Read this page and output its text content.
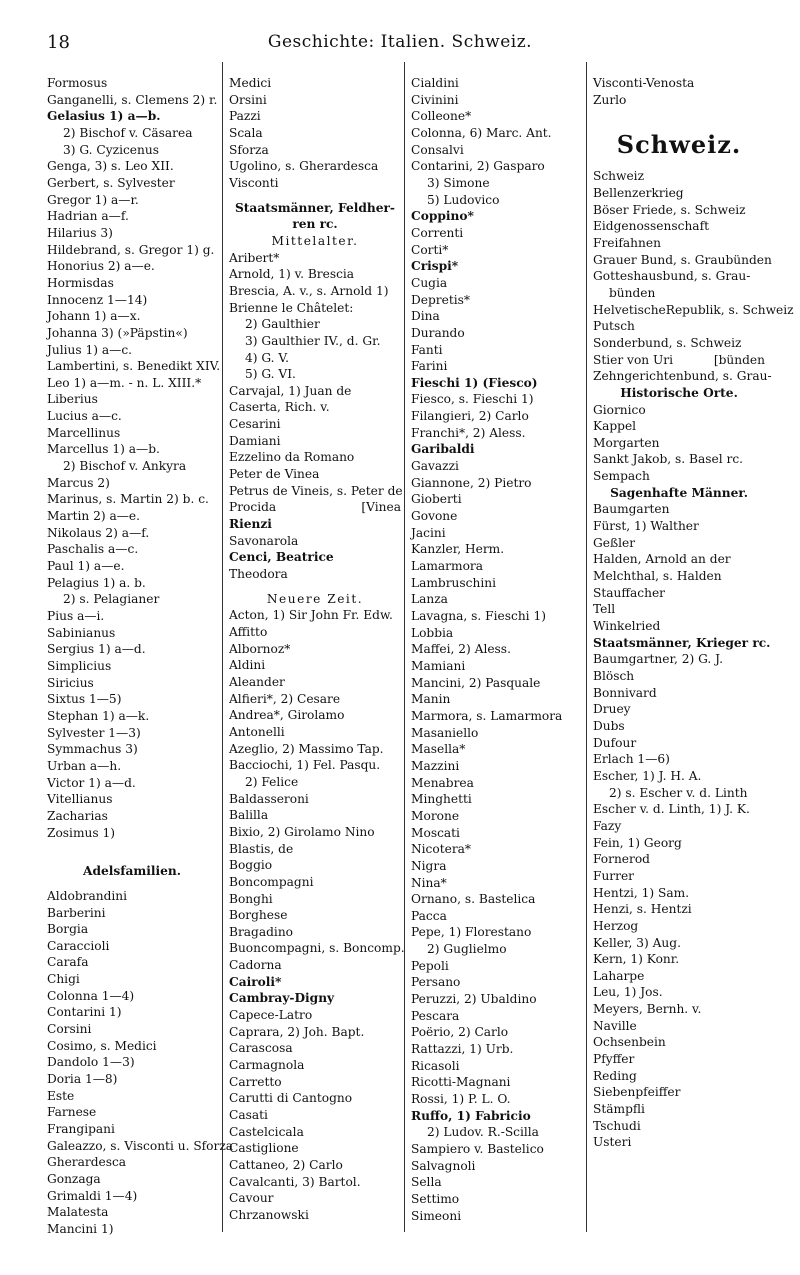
18	Geschichte: Italien. Schweiz.
Formosus
Ganganelli, s. Clemens 2) r.
Gelasius 1) a—b.
2) Bischof v. Cäsarea
3) G. Cyzicenus
Genga, 3) s. Leo XII.
Gerbert, s. Sylvester
Gregor 1) a—r.
Hadrian a—f.
Hilarius 3)
Hildebrand, s. Gregor 1) g.
Honorius 2) a—e.
Hormisdas
Innocenz 1—14)
Johann 1) a—x.
Johanna 3) (»Päpstin«)
Julius 1) a—c.
Lambertini, s. Benedikt XIV.
Leo 1) a—m. - n. L. XIII.*
Liberius
Lucius a—c.
Marcellinus
Marcellus 1) a—b.
2) Bischof v. Ankyra
Marcus 2)
Marinus, s. Martin 2) b. c.
Martin 2) a—e.
Nikolaus 2) a—f.
Paschalis a—c.
Paul 1) a—e.
Pelagius 1) a. b.
2) s. Pelagianer
Pius a—i.
Sabinianus
Sergius 1) a—d.
Simplicius
Siricius
Sixtus 1—5)
Stephan 1) a—k.
Sylvester 1—3)
Symmachus 3)
Urban a—h.
Victor 1) a—d.
Vitellianus
Zacharias
Zosimus 1)
Adelsfamilien.
Aldobrandini
Barberini
Borgia
Caraccioli
Carafa
Chigi
Colonna 1—4)
Contarini 1)
Corsini
Cosimo, s. Medici
Dandolo 1—3)
Doria 1—8)
Este
Farnese
Frangipani
Galeazzo, s. Visconti u. Sforza
Gherardesca
Gonzaga
Grimaldi 1—4)
Malatesta
Mancini 1)
Medici
Orsini
Pazzi
Scala
Sforza
Ugolino, s. Gherardesca
Visconti
Staatsmänner, Feldher-
ren rc.
Mittelalter.
Aribert*
Arnold, 1) v. Brescia
Brescia, A. v., s. Arnold 1)
Brienne le Châtelet:
2) Gaulthier
3) Gaulthier IV., d. Gr.
4) G. V.
5) G. VI.
Carvajal, 1) Juan de
Caserta, Rich. v.
Cesarini
Damiani
Ezzelino da Romano
Peter de Vinea
Petrus de Vineis, s. Peter de
Procida	[Vinea
Rienzi
Savonarola
Cenci, Beatrice
Theodora
Neuere Zeit.
Acton, 1) Sir John Fr. Edw.
Affitto
Albornoz*
Aldini
Aleander
Alfieri*, 2) Cesare
Andrea*, Girolamo
Antonelli
Azeglio, 2) Massimo Tap.
Bacciochi, 1) Fel. Pasqu.
2) Felice
Baldasseroni
Balilla
Bixio, 2) Girolamo Nino
Blastis, de
Boggio
Boncompagni
Bonghi
Borghese
Bragadino
Buoncompagni, s. Boncomp.
Cadorna
Cairoli*
Cambray-Digny
Capece-Latro
Caprara, 2) Joh. Bapt.
Carascosa
Carmagnola
Carretto
Carutti di Cantogno
Casati
Castelcicala
Castiglione
Cattaneo, 2) Carlo
Cavalcanti, 3) Bartol.
Cavour
Chrzanowski
Cialdini
Civinini
Colleone*
Colonna, 6) Marc. Ant.
Consalvi
Contarini, 2) Gasparo
3) Simone
5) Ludovico
Coppino*
Correnti
Corti*
Crispi*
Cugia
Depretis*
Dina
Durando
Fanti
Farini
Fieschi 1) (Fiesco)
Fiesco, s. Fieschi 1)
Filangieri, 2) Carlo
Franchi*, 2) Aless.
Garibaldi
Gavazzi
Giannone, 2) Pietro
Gioberti
Govone
Jacini
Kanzler, Herm.
Lamarmora
Lambruschini
Lanza
Lavagna, s. Fieschi 1)
Lobbia
Maffei, 2) Aless.
Mamiani
Mancini, 2) Pasquale
Manin
Marmora, s. Lamarmora
Masaniello
Masella*
Mazzini
Menabrea
Minghetti
Morone
Moscati
Nicotera*
Nigra
Nina*
Ornano, s. Bastelica
Pacca
Pepe, 1) Florestano
2) Guglielmo
Pepoli
Persano
Peruzzi, 2) Ubaldino
Pescara
Poërio, 2) Carlo
Rattazzi, 1) Urb.
Ricasoli
Ricotti-Magnani
Rossi, 1) P. L. O.
Ruffo, 1) Fabricio
2) Ludov. R.-Scilla
Sampiero v. Bastelico
Salvagnoli
Sella
Settimo
Simeoni
Visconti-Venosta
Zurlo
Schweiz.
Schweiz
Bellenzerkrieg
Böser Friede, s. Schweiz
Eidgenossenschaft
Freifahnen
Grauer Bund, s. Graubünden
Gotteshausbund, s. Grau-
bünden
HelvetischeRepublik, s. Schweiz
Putsch
Sonderbund, s. Schweiz
Stier von Uri	[bünden
Zehngerichtenbund, s. Grau-
Historische Orte.
Giornico
Kappel
Morgarten
Sankt Jakob, s. Basel rc.
Sempach
Sagenhafte Männer.
Baumgarten
Fürst, 1) Walther
Geßler
Halden, Arnold an der
Melchthal, s. Halden
Stauffacher
Tell
Winkelried
Staatsmänner, Krieger rc.
Baumgartner, 2) G. J.
Blösch
Bonnivard
Druey
Dubs
Dufour
Erlach 1—6)
Escher, 1) J. H. A.
2) s. Escher v. d. Linth
Escher v. d. Linth, 1) J. K.
Fazy
Fein, 1) Georg
Fornerod
Furrer
Hentzi, 1) Sam.
Henzi, s. Hentzi
Herzog
Keller, 3) Aug.
Kern, 1) Konr.
Laharpe
Leu, 1) Jos.
Meyers, Bernh. v.
Naville
Ochsenbein
Pfyffer
Reding
Siebenpfeiffer
Stämpfli
Tschudi
Usteri
